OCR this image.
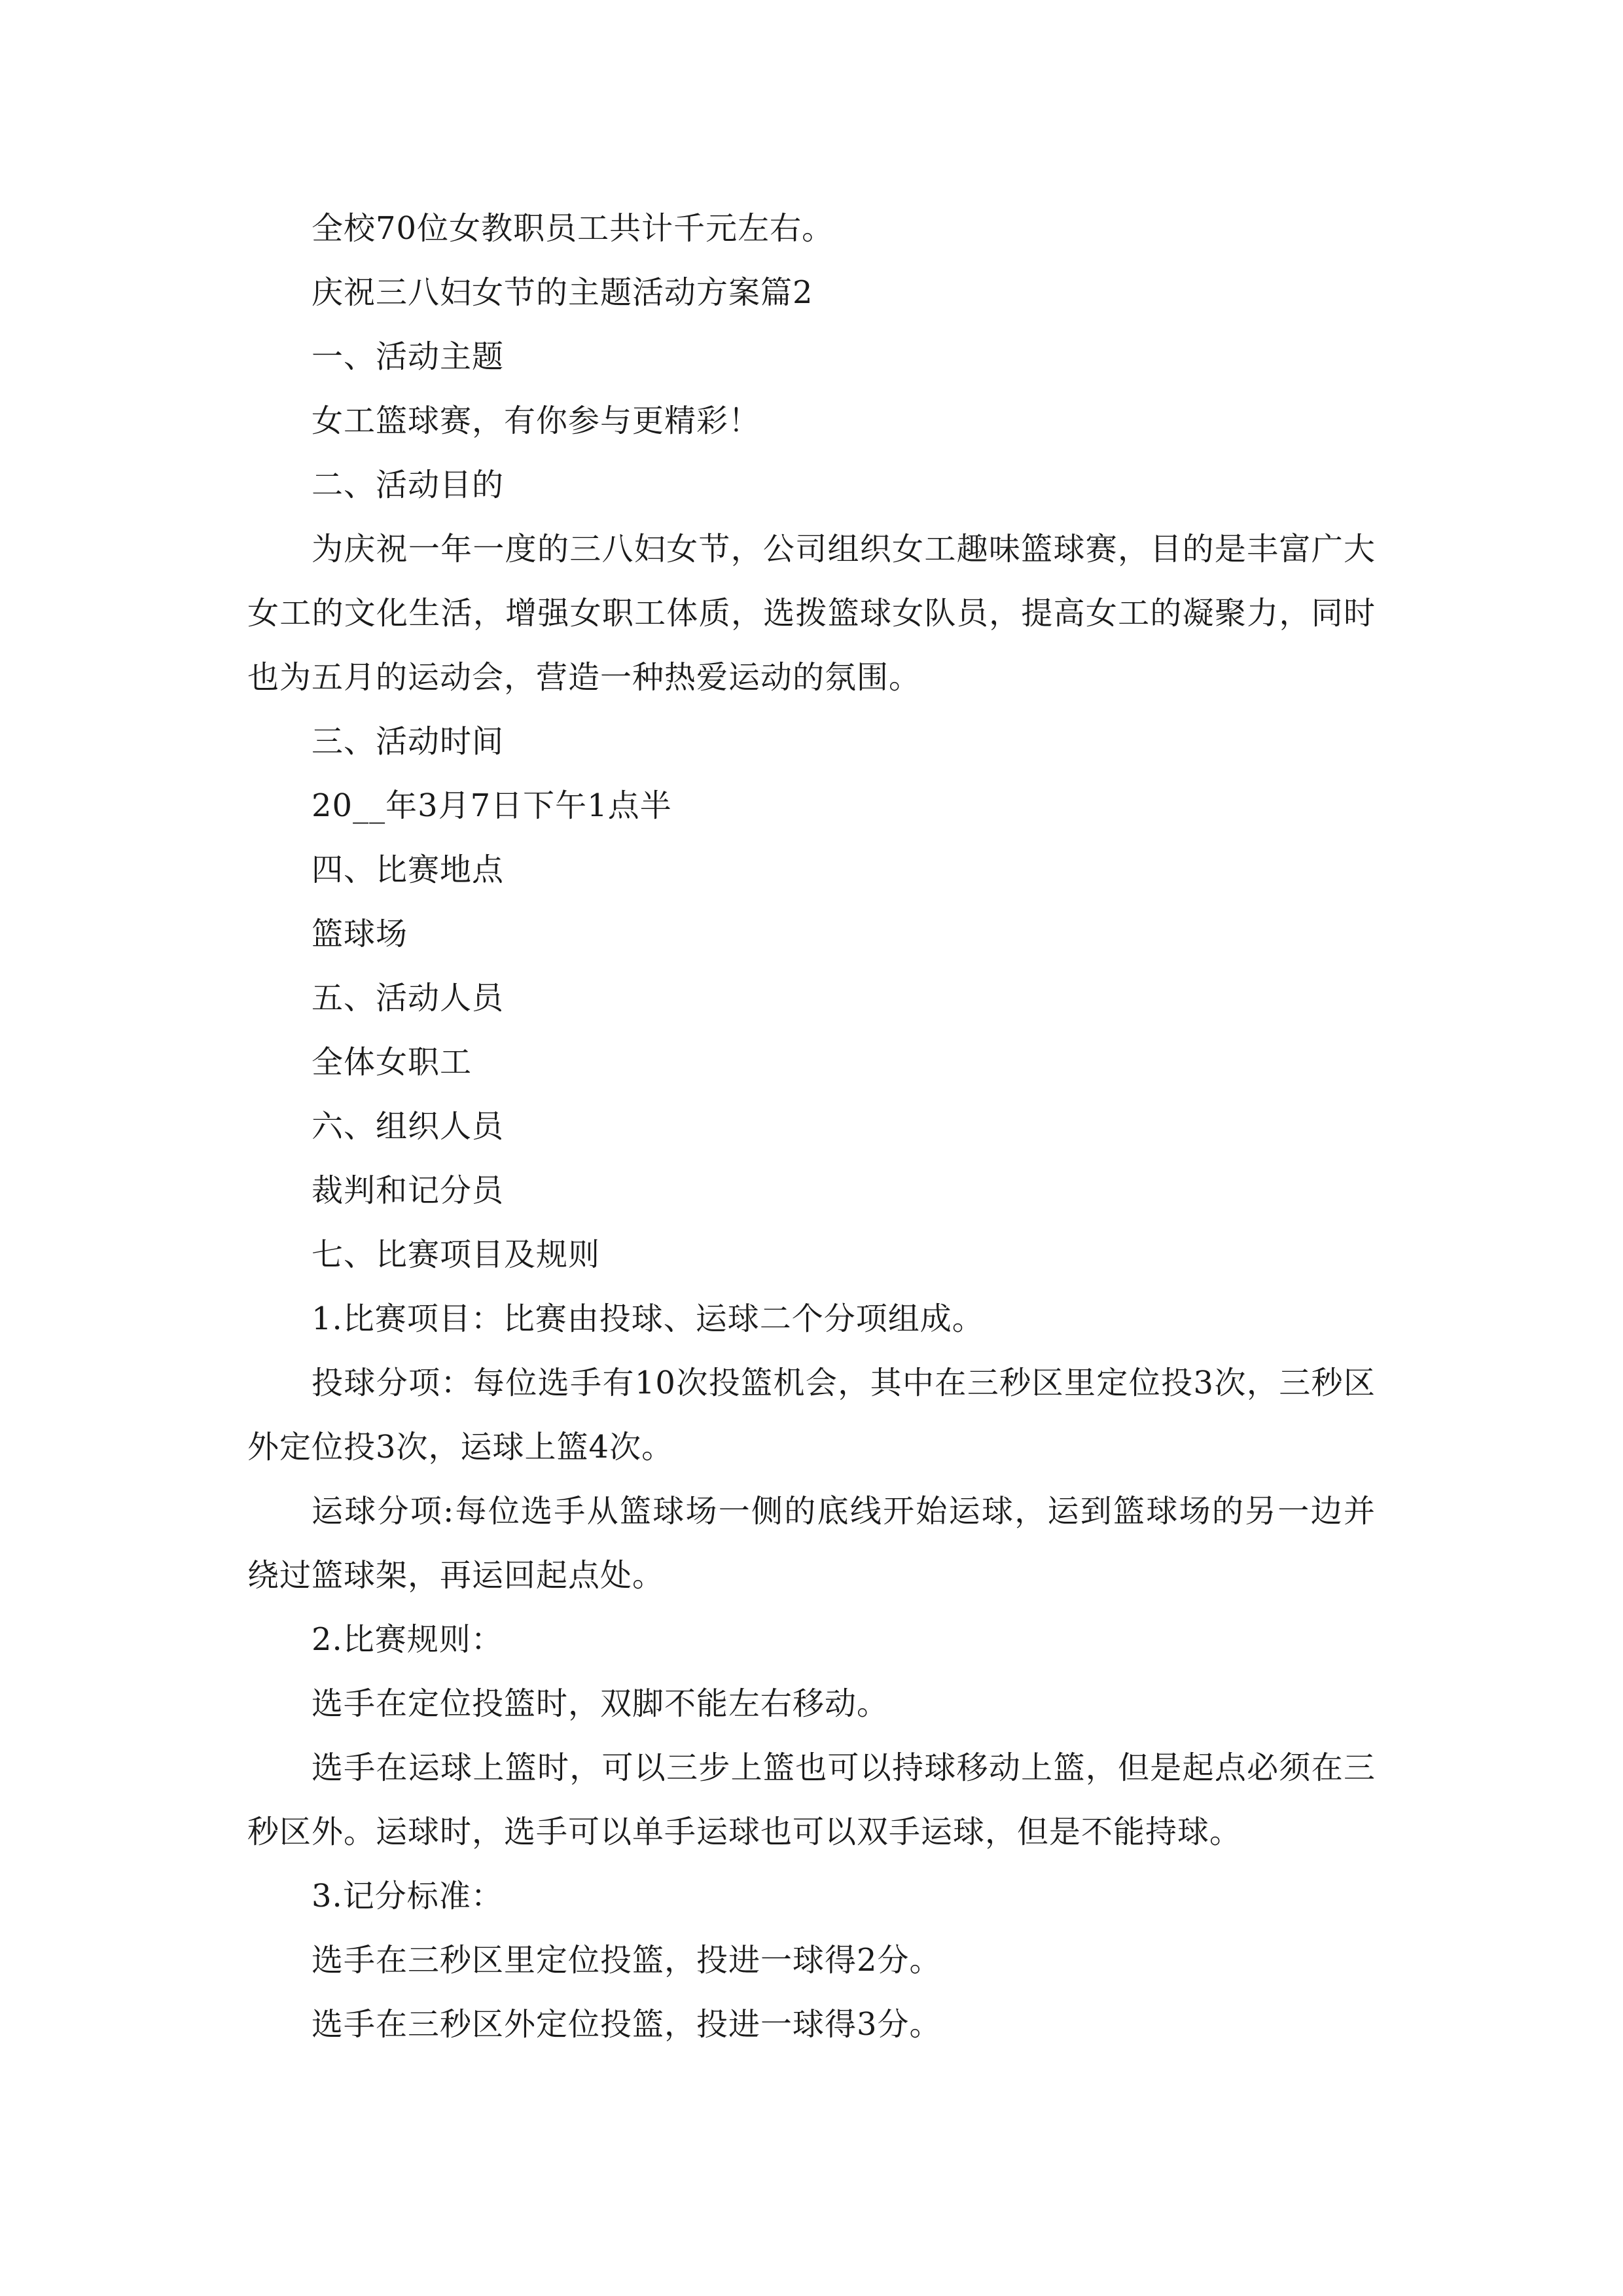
全校70位女教职员工共计千元左右。

庆祝三八妇女节的主题活动方案篇2

一、活动主题

女工篮球赛，有你参与更精彩！

二、活动目的

为庆祝一年一度的三八妇女节，公司组织女工趣味篮球赛，目的是丰富广大女工的文化生活，增强女职工体质，选拨篮球女队员，提高女工的凝聚力，同时也为五月的运动会，营造一种热爱运动的氛围。

三、活动时间

20__年3月7日下午1点半

四、比赛地点

篮球场

五、活动人员

全体女职工

六、组织人员

裁判和记分员

七、比赛项目及规则

1.比赛项目：比赛由投球、运球二个分项组成。

投球分项：每位选手有10次投篮机会，其中在三秒区里定位投3次，三秒区外定位投3次，运球上篮4次。

运球分项:每位选手从篮球场一侧的底线开始运球，运到篮球场的另一边并绕过篮球架，再运回起点处。

2.比赛规则：

选手在定位投篮时，双脚不能左右移动。

选手在运球上篮时，可以三步上篮也可以持球移动上篮，但是起点必须在三秒区外。运球时，选手可以单手运球也可以双手运球，但是不能持球。

3.记分标准：

选手在三秒区里定位投篮，投进一球得2分。

选手在三秒区外定位投篮，投进一球得3分。
